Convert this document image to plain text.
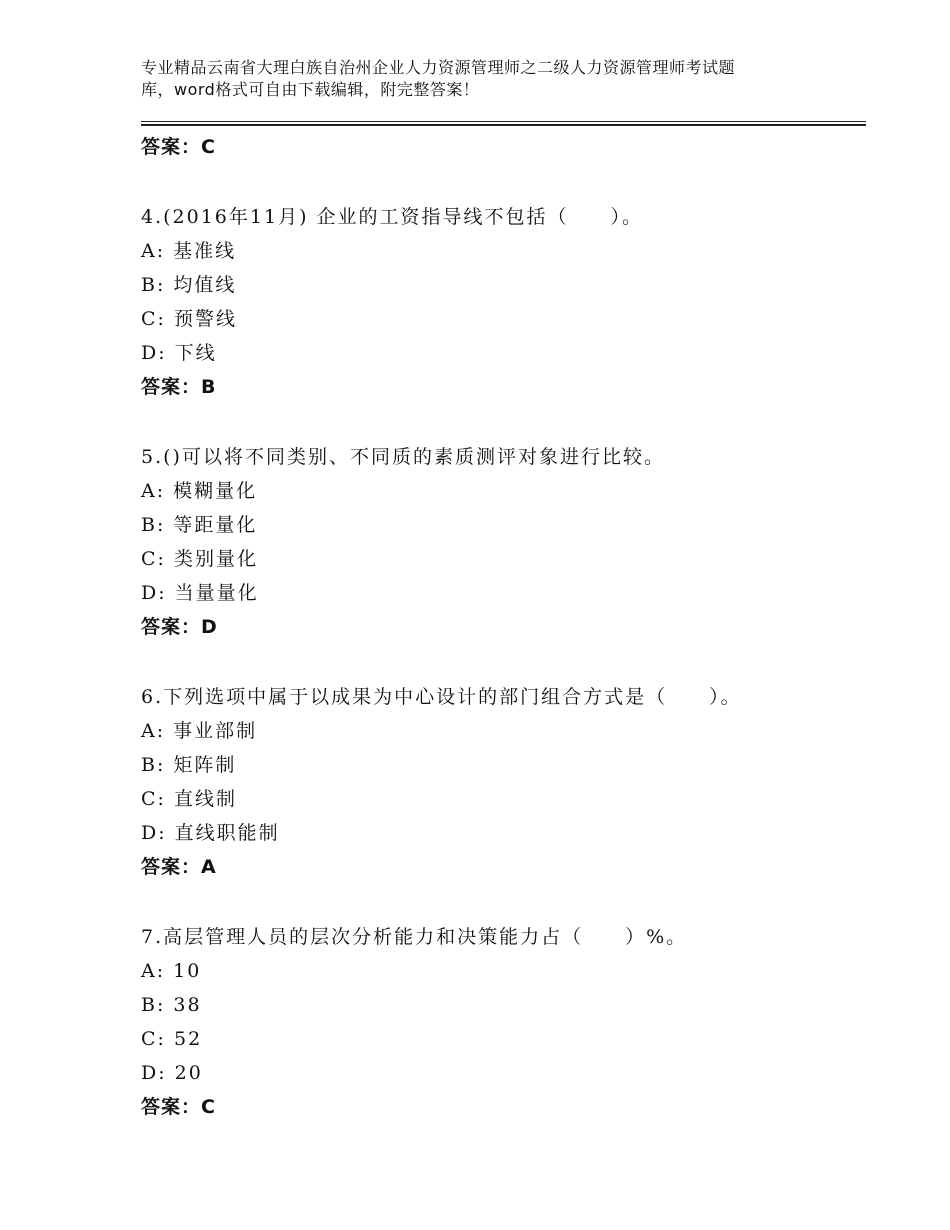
专业精品云南省大理白族自治州企业人力资源管理师之二级人力资源管理师考试题
库，word格式可自由下载编辑，附完整答案！
答案：C
4.(2016年11月) 企业的工资指导线不包括（　　）。
A: 基准线
B: 均值线
C: 预警线
D: 下线
答案：B
5.()可以将不同类别、不同质的素质测评对象进行比较。
A: 模糊量化
B: 等距量化
C: 类别量化
D: 当量量化
答案：D
6.下列选项中属于以成果为中心设计的部门组合方式是（　　）。
A: 事业部制
B: 矩阵制
C: 直线制
D: 直线职能制
答案：A
7.高层管理人员的层次分析能力和决策能力占（　　）%。
A: 10
B: 38
C: 52
D: 20
答案：C
